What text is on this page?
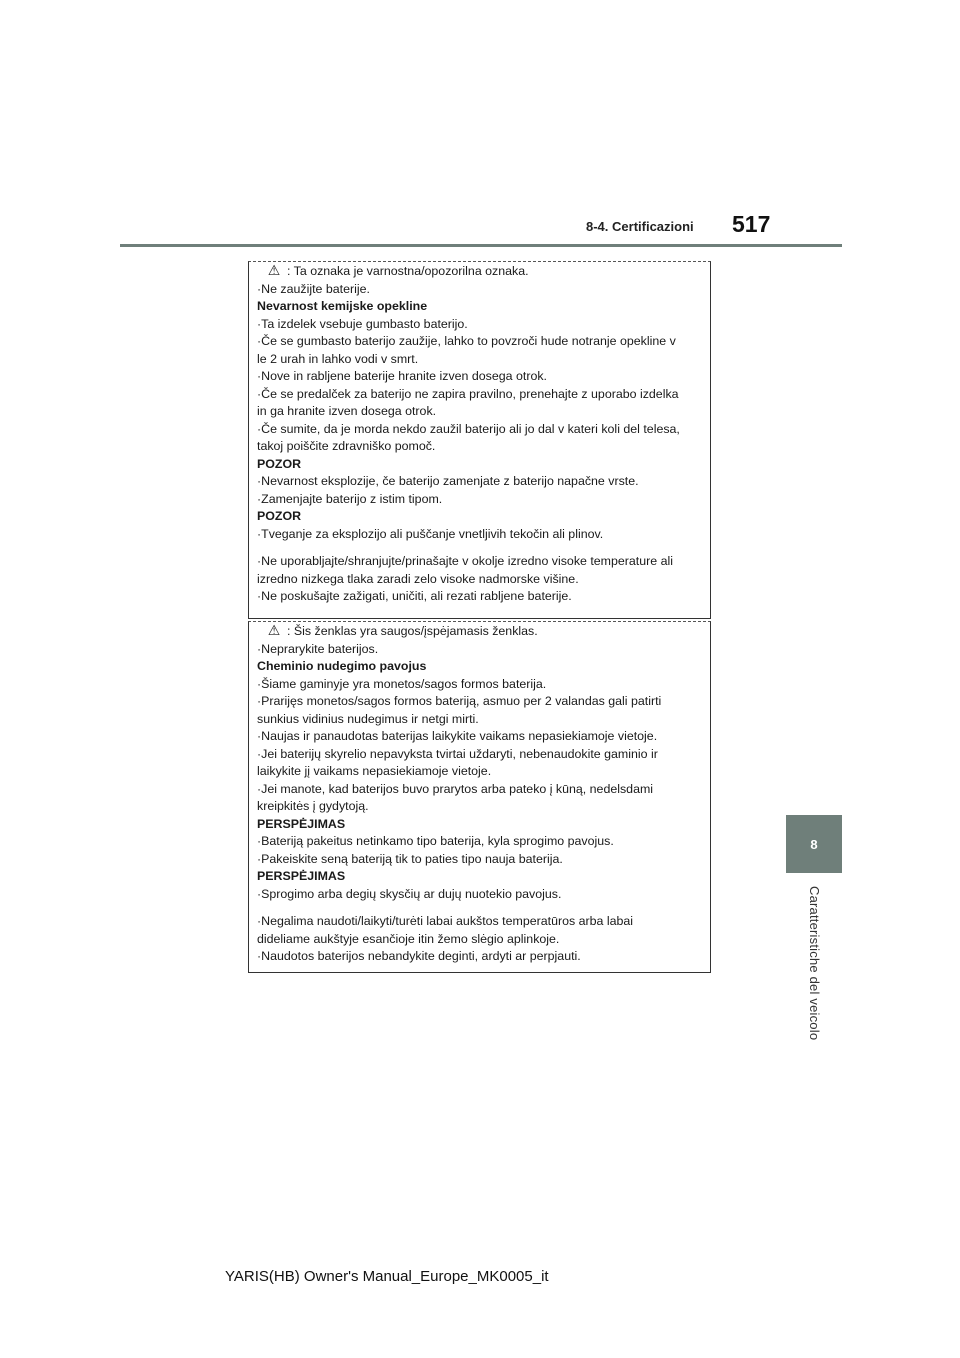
8-4. Certificazioni 517
8
Caratteristiche del veicolo
⚠ : Ta oznaka je varnostna/opozorilna oznaka.
·Ne zaužijte baterije.
Nevarnost kemijske opekline
·Ta izdelek vsebuje gumbasto baterijo.
·Če se gumbasto baterijo zaužije, lahko to povzroči hude notranje opekline v
le 2 urah in lahko vodi v smrt.
·Nove in rabljene baterije hranite izven dosega otrok.
·Če se predalček za baterijo ne zapira pravilno, prenehajte z uporabo izdelka
in ga hranite izven dosega otrok.
·Če sumite, da je morda nekdo zaužil baterijo ali jo dal v kateri koli del telesa,
takoj poiščite zdravniško pomoč.
POZOR
·Nevarnost eksplozije, če baterijo zamenjate z baterijo napačne vrste.
·Zamenjajte baterijo z istim tipom.
POZOR
·Tveganje za eksplozijo ali puščanje vnetljivih tekočin ali plinov.
·Ne uporabljajte/shranjujte/prinašajte v okolje izredno visoke temperature ali
izredno nizkega tlaka zaradi zelo visoke nadmorske višine.
·Ne poskušajte zažigati, uničiti, ali rezati rabljene baterije.
⚠ : Šis ženklas yra saugos/įspėjamasis ženklas.
·Neprarykite baterijos.
Cheminio nudegimo pavojus
·Šiame gaminyje yra monetos/sagos formos baterija.
·Prarijęs monetos/sagos formos bateriją, asmuo per 2 valandas gali patirti
sunkius vidinius nudegimus ir netgi mirti.
·Naujas ir panaudotas baterijas laikykite vaikams nepasiekiamoje vietoje.
·Jei baterijų skyrelio nepavyksta tvirtai uždaryti, nebenaudokite gaminio ir
laikykite jį vaikams nepasiekiamoje vietoje.
·Jei manote, kad baterijos buvo prarytos arba pateko į kūną, nedelsdami
kreipkitės į gydytoją.
PERSPĖJIMAS
·Bateriją pakeitus netinkamo tipo baterija, kyla sprogimo pavojus.
·Pakeiskite seną bateriją tik to paties tipo nauja baterija.
PERSPĖJIMAS
·Sprogimo arba degių skysčių ar dujų nuotekio pavojus.
·Negalima naudoti/laikyti/turėti labai aukštos temperatūros arba labai
dideliame aukštyje esančioje itin žemo slėgio aplinkoje.
·Naudotos baterijos nebandykite deginti, ardyti ar perpjauti.
YARIS(HB) Owner's Manual_Europe_MK0005_it
